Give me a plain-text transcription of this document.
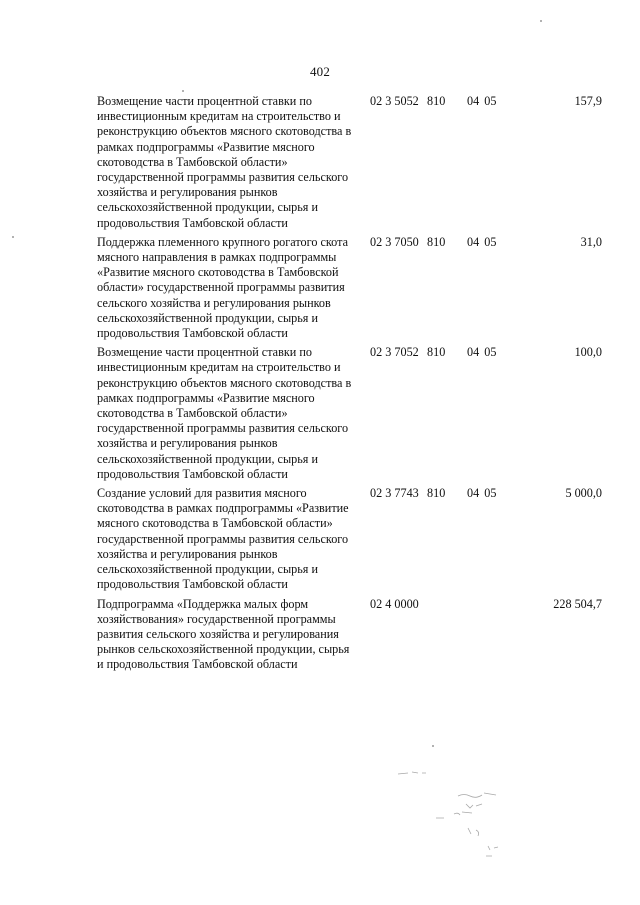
402
Возмещение части процентной ставки по инвестиционным кредитам на строительство и реконструкцию объектов мясного скотоводства в рамках подпрограммы «Развитие мясного скотоводства в Тамбовской области» государственной программы развития сельского хозяйства и регулирования рынков сельскохозяйственной продукции, сырья и продовольствия Тамбовской области	02 3 5052	810	04 05	157,9
Поддержка племенного крупного рогатого скота мясного направления в рамках подпрограммы «Развитие мясного скотоводства в Тамбовской области» государственной программы развития сельского хозяйства и регулирования рынков сельскохозяйственной продукции, сырья и продовольствия Тамбовской области	02 3 7050	810	04 05	31,0
Возмещение части процентной ставки по инвестиционным кредитам на строительство и реконструкцию объектов мясного скотоводства в рамках подпрограммы «Развитие мясного скотоводства в Тамбовской области» государственной программы развития сельского хозяйства и регулирования рынков сельскохозяйственной продукции, сырья и продовольствия Тамбовской области	02 3 7052	810	04 05	100,0
Создание условий для развития мясного скотоводства в рамках подпрограммы «Развитие мясного скотоводства в Тамбовской области» государственной программы развития сельского хозяйства и регулирования рынков сельскохозяйственной продукции, сырья и продовольствия Тамбовской области	02 3 7743	810	04 05	5 000,0
Подпрограмма «Поддержка малых форм хозяйствования» государственной программы развития сельского хозяйства и регулирования рынков сельскохозяйственной продукции, сырья и продовольствия Тамбовской области	02 4 0000			228 504,7
